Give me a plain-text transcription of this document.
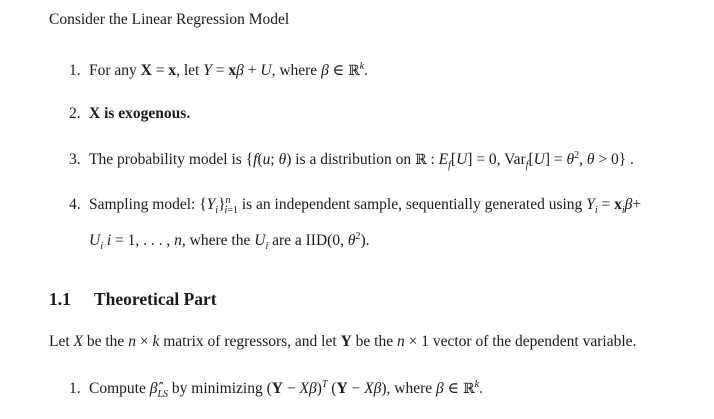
Consider the Linear Regression Model
1. For any X = x, let Y = xβ + U, where β ∈ ℝ$^k$.
2. X is exogenous.
3. The probability model is {f(u; θ) is a distribution on ℝ : $E_f[U] = 0$, $Var_f[U] = \theta^2$, θ > 0} .
4. Sampling model: $\{Y_i\}^n_{i=1}$ is an independent sample, sequentially generated using $Y_i = x_i\beta+$
$U_i$ i = 1, . . . , n, where the $U_i$ are a IID(0, $\theta^2$).
1.1 Theoretical Part
Let X be the n × k matrix of regressors, and let Y be the n × 1 vector of the dependent variable.
1. Compute $\betâ_{LS}$ by minimizing $(Y - X\beta)^T$ (Y − Xβ), where β ∈ ℝ$^k$.
